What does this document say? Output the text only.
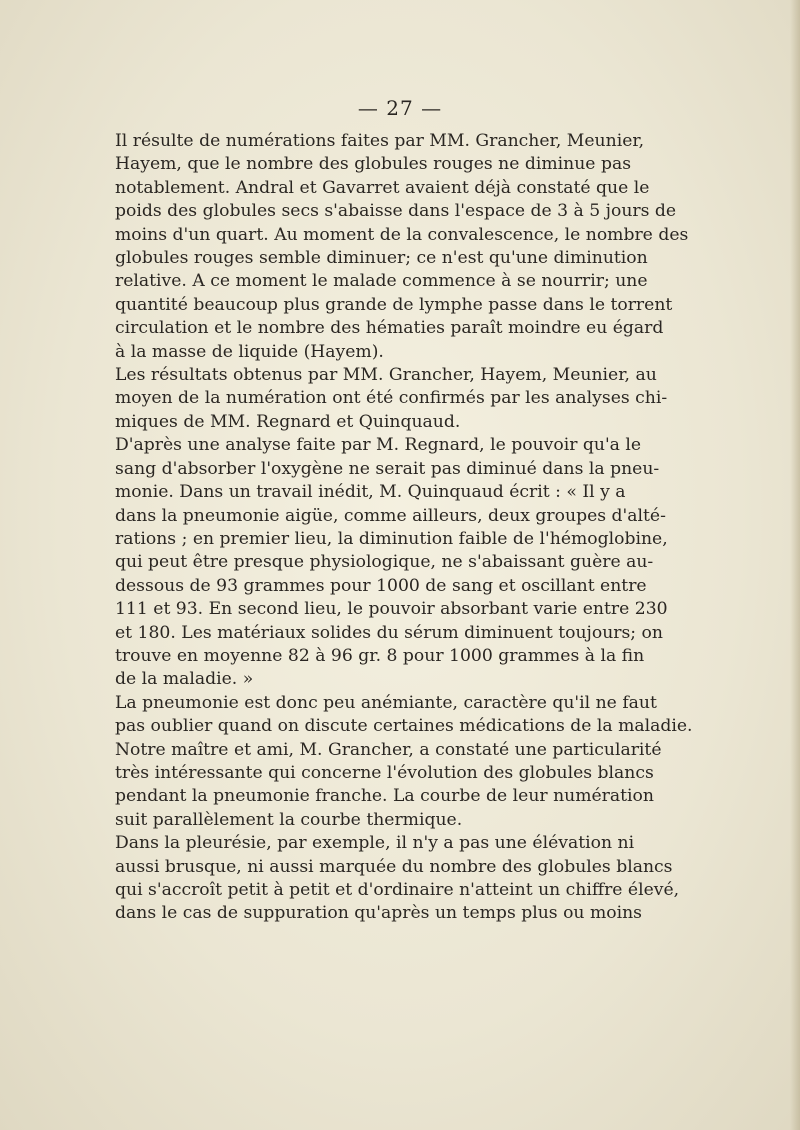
— 27 —
Il résulte de numérations faites par MM. Grancher, Meunier,
Hayem, que le nombre des globules rouges ne diminue pas
notablement. Andral et Gavarret avaient déjà constaté que le
poids des globules secs s'abaisse dans l'espace de 3 à 5 jours de
moins d'un quart. Au moment de la convalescence, le nombre des
globules rouges semble diminuer; ce n'est qu'une diminution
relative. A ce moment le malade commence à se nourrir; une
quantité beaucoup plus grande de lymphe passe dans le torrent
circulation et le nombre des hématies paraît moindre eu égard
à la masse de liquide (Hayem).
Les résultats obtenus par MM. Grancher, Hayem, Meunier, au
moyen de la numération ont été confirmés par les analyses chi-
miques de MM. Regnard et Quinquaud.
D'après une analyse faite par M. Regnard, le pouvoir qu'a le
sang d'absorber l'oxygène ne serait pas diminué dans la pneu-
monie. Dans un travail inédit, M. Quinquaud écrit : « Il y a
dans la pneumonie aigüe, comme ailleurs, deux groupes d'alté-
rations ; en premier lieu, la diminution faible de l'hémoglobine,
qui peut être presque physiologique, ne s'abaissant guère au-
dessous de 93 grammes pour 1000 de sang et oscillant entre
111 et 93. En second lieu, le pouvoir absorbant varie entre 230
et 180. Les matériaux solides du sérum diminuent toujours; on
trouve en moyenne 82 à 96 gr. 8 pour 1000 grammes à la fin
de la maladie. »
La pneumonie est donc peu anémiante, caractère qu'il ne faut
pas oublier quand on discute certaines médications de la maladie.
Notre maître et ami, M. Grancher, a constaté une particularité
très intéressante qui concerne l'évolution des globules blancs
pendant la pneumonie franche. La courbe de leur numération
suit parallèlement la courbe thermique.
Dans la pleurésie, par exemple, il n'y a pas une élévation ni
aussi brusque, ni aussi marquée du nombre des globules blancs
qui s'accroît petit à petit et d'ordinaire n'atteint un chiffre élevé,
dans le cas de suppuration qu'après un temps plus ou moins
